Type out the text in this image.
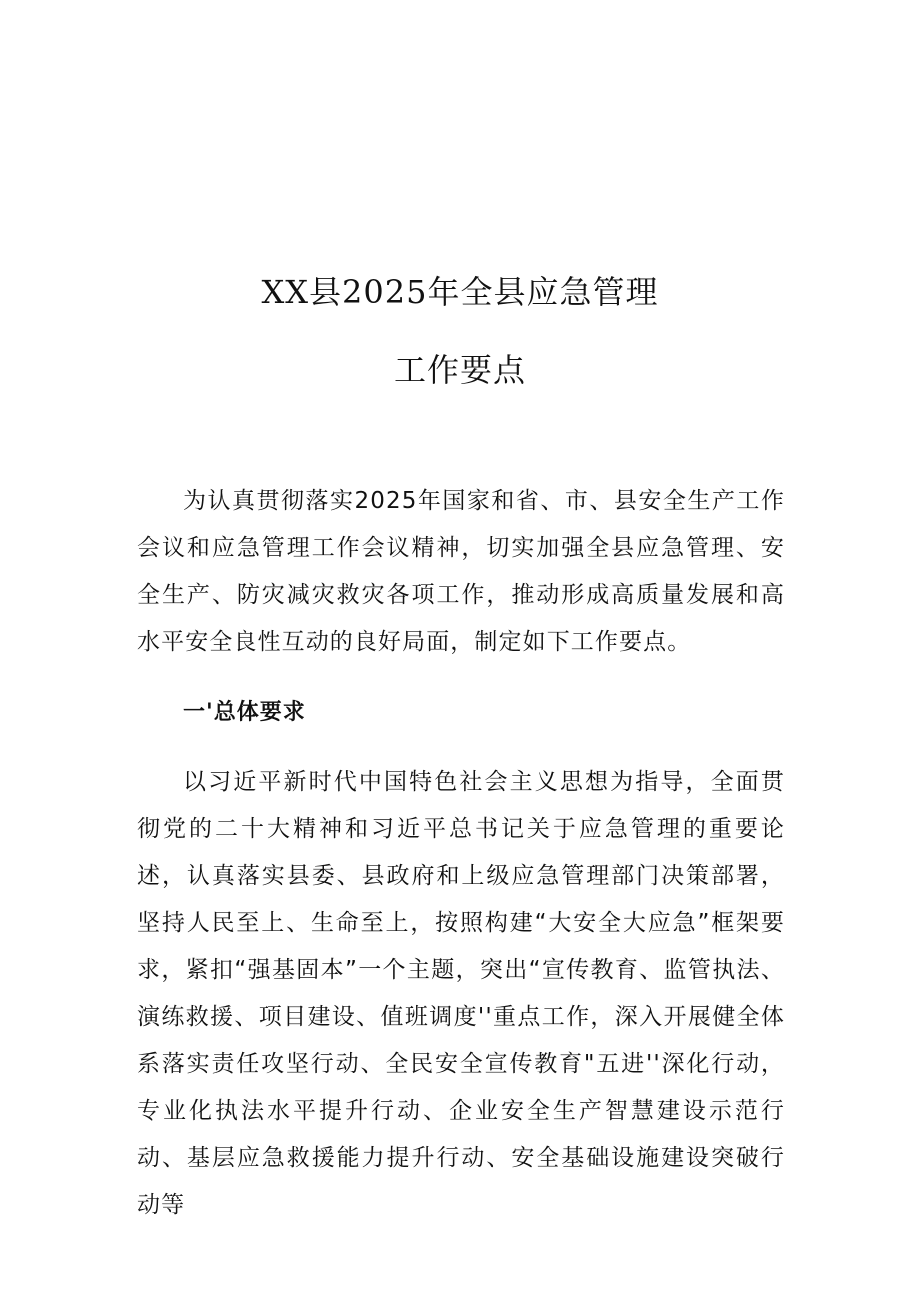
XX县2025年全县应急管理
工作要点

为认真贯彻落实2025年国家和省、市、县安全生产工作会议和应急管理工作会议精神，切实加强全县应急管理、安全生产、防灾减灾救灾各项工作，推动形成高质量发展和高水平安全良性互动的良好局面，制定如下工作要点。

一'总体要求

以习近平新时代中国特色社会主义思想为指导，全面贯彻党的二十大精神和习近平总书记关于应急管理的重要论述，认真落实县委、县政府和上级应急管理部门决策部署，坚持人民至上、生命至上，按照构建“大安全大应急”框架要求，紧扣“强基固本”一个主题，突出“宣传教育、监管执法、演练救援、项目建设、值班调度''重点工作，深入开展健全体系落实责任攻坚行动、全民安全宣传教育"五进''深化行动，专业化执法水平提升行动、企业安全生产智慧建设示范行动、基层应急救援能力提升行动、安全基础设施建设突破行动等
